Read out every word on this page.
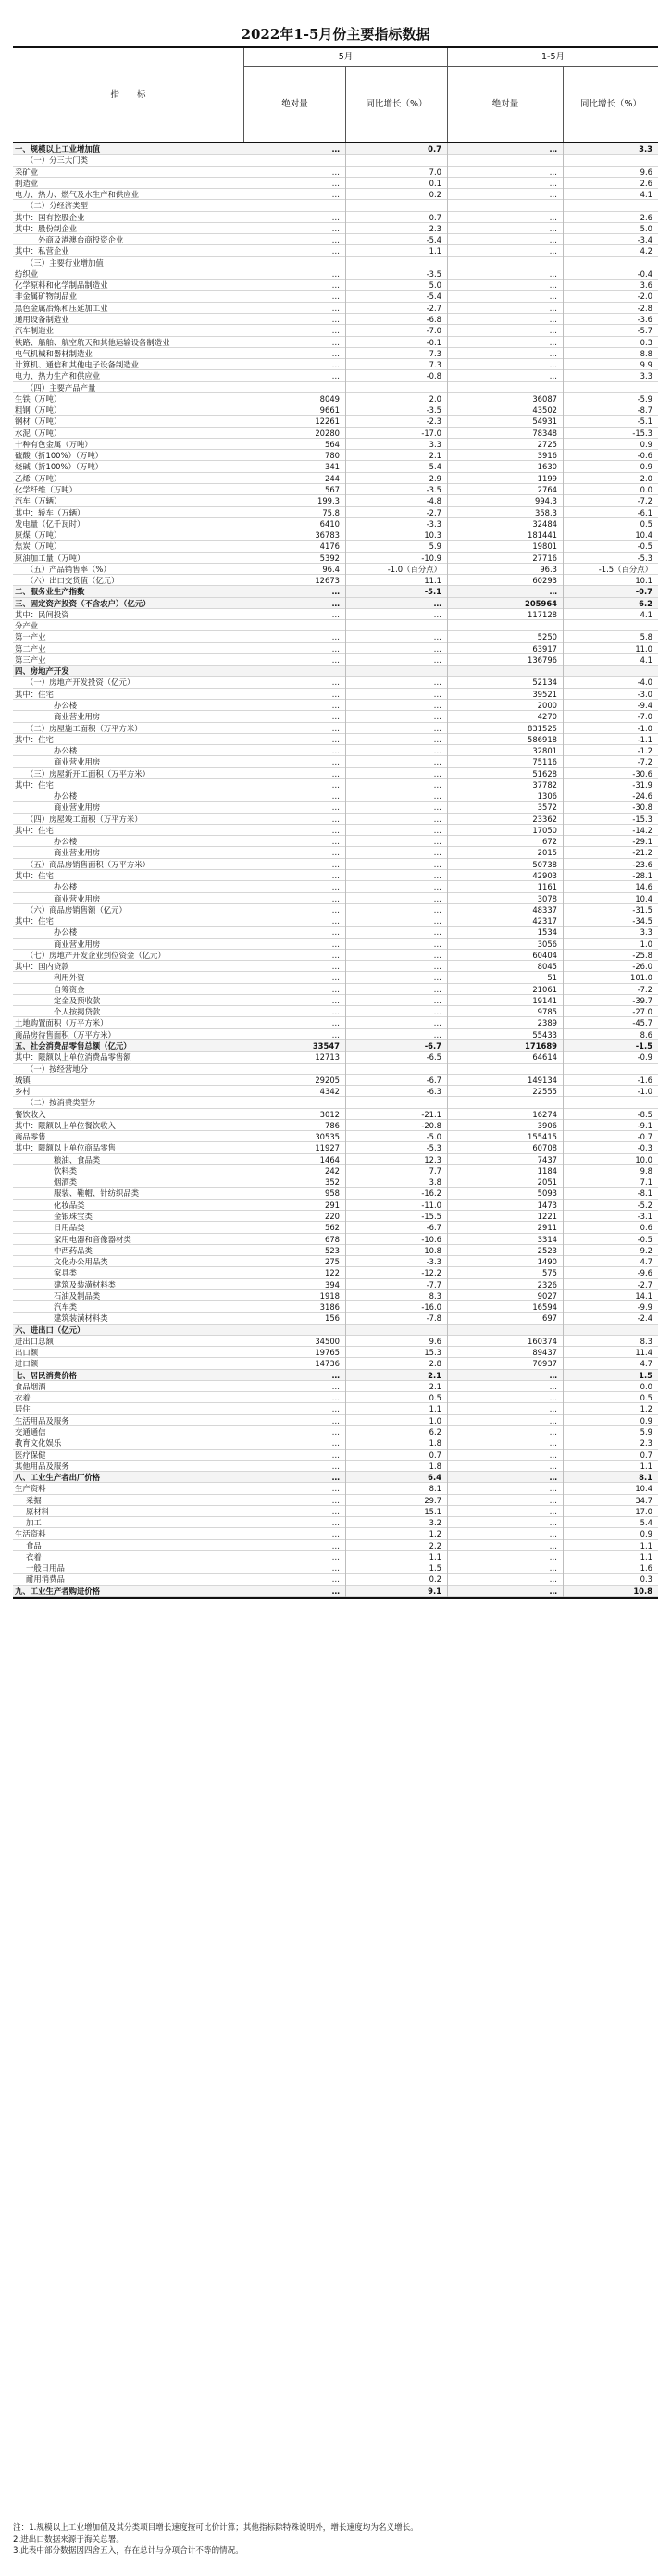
2022年1-5月份主要指标数据
指　　标
5月	1-5月
绝对量	同比增长（%）	绝对量	同比增长（%）
一、规模以上工业增加值	…	0.7	…	3.3
（一）分三大门类
采矿业	…	7.0	…	9.6
制造业	…	0.1	…	2.6
电力、热力、燃气及水生产和供应业	…	0.2	…	4.1
（二）分经济类型
其中：国有控股企业	…	0.7	…	2.6
其中：股份制企业	…	2.3	…	5.0
　　　外商及港澳台商投资企业	…	-5.4	…	-3.4
其中：私营企业	…	1.1	…	4.2
（三）主要行业增加值
纺织业	…	-3.5	…	-0.4
化学原料和化学制品制造业	…	5.0	…	3.6
非金属矿物制品业	…	-5.4	…	-2.0
黑色金属冶炼和压延加工业	…	-2.7	…	-2.8
通用设备制造业	…	-6.8	…	-3.6
汽车制造业	…	-7.0	…	-5.7
铁路、船舶、航空航天和其他运输设备制造业	…	-0.1	…	0.3
电气机械和器材制造业	…	7.3	…	8.8
计算机、通信和其他电子设备制造业	…	7.3	…	9.9
电力、热力生产和供应业	…	-0.8	…	3.3
（四）主要产品产量
生铁（万吨）	8049	2.0	36087	-5.9
粗钢（万吨）	9661	-3.5	43502	-8.7
钢材（万吨）	12261	-2.3	54931	-5.1
水泥（万吨）	20280	-17.0	78348	-15.3
十种有色金属（万吨）	564	3.3	2725	0.9
硫酸（折100%）（万吨）	780	2.1	3916	-0.6
烧碱（折100%）（万吨）	341	5.4	1630	0.9
乙烯（万吨）	244	2.9	1199	2.0
化学纤维（万吨）	567	-3.5	2764	0.0
汽车（万辆）	199.3	-4.8	994.3	-7.2
其中：轿车（万辆）	75.8	-2.7	358.3	-6.1
发电量（亿千瓦时）	6410	-3.3	32484	0.5
原煤（万吨）	36783	10.3	181441	10.4
焦炭（万吨）	4176	5.9	19801	-0.5
原油加工量（万吨）	5392	-10.9	27716	-5.3
（五）产品销售率（%）	96.4	-1.0（百分点）	96.3	-1.5（百分点）
（六）出口交货值（亿元）	12673	11.1	60293	10.1
二、服务业生产指数	…	-5.1	…	-0.7
三、固定资产投资（不含农户）（亿元）	…	…	205964	6.2
其中：民间投资	…	…	117128	4.1
分产业
第一产业	…	…	5250	5.8
第二产业	…	…	63917	11.0
第三产业	…	…	136796	4.1
四、房地产开发
（一）房地产开发投资（亿元）	…	…	52134	-4.0
其中：住宅	…	…	39521	-3.0
办公楼	…	…	2000	-9.4
商业营业用房	…	…	4270	-7.0
（二）房屋施工面积（万平方米）	…	…	831525	-1.0
其中：住宅	…	…	586918	-1.1
办公楼	…	…	32801	-1.2
商业营业用房	…	…	75116	-7.2
（三）房屋新开工面积（万平方米）	…	…	51628	-30.6
其中：住宅	…	…	37782	-31.9
办公楼	…	…	1306	-24.6
商业营业用房	…	…	3572	-30.8
（四）房屋竣工面积（万平方米）	…	…	23362	-15.3
其中：住宅	…	…	17050	-14.2
办公楼	…	…	672	-29.1
商业营业用房	…	…	2015	-21.2
（五）商品房销售面积（万平方米）	…	…	50738	-23.6
其中：住宅	…	…	42903	-28.1
办公楼	…	…	1161	14.6
商业营业用房	…	…	3078	10.4
（六）商品房销售额（亿元）	…	…	48337	-31.5
其中：住宅	…	…	42317	-34.5
办公楼	…	…	1534	3.3
商业营业用房	…	…	3056	1.0
（七）房地产开发企业到位资金（亿元）	…	…	60404	-25.8
其中：国内贷款	…	…	8045	-26.0
利用外资	…	…	51	101.0
自筹资金	…	…	21061	-7.2
定金及预收款	…	…	19141	-39.7
个人按揭贷款	…	…	9785	-27.0
土地购置面积（万平方米）	…	…	2389	-45.7
商品房待售面积（万平方米）	…	…	55433	8.6
五、社会消费品零售总额（亿元）	33547	-6.7	171689	-1.5
其中：限额以上单位消费品零售额	12713	-6.5	64614	-0.9
（一）按经营地分
城镇	29205	-6.7	149134	-1.6
乡村	4342	-6.3	22555	-1.0
（二）按消费类型分
餐饮收入	3012	-21.1	16274	-8.5
其中：限额以上单位餐饮收入	786	-20.8	3906	-9.1
商品零售	30535	-5.0	155415	-0.7
其中：限额以上单位商品零售	11927	-5.3	60708	-0.3
粮油、食品类	1464	12.3	7437	10.0
饮料类	242	7.7	1184	9.8
烟酒类	352	3.8	2051	7.1
服装、鞋帽、针纺织品类	958	-16.2	5093	-8.1
化妆品类	291	-11.0	1473	-5.2
金银珠宝类	220	-15.5	1221	-3.1
日用品类	562	-6.7	2911	0.6
家用电器和音像器材类	678	-10.6	3314	-0.5
中西药品类	523	10.8	2523	9.2
文化办公用品类	275	-3.3	1490	4.7
家具类	122	-12.2	575	-9.6
建筑及装潢材料类	394	-7.7	2326	-2.7
石油及制品类	1918	8.3	9027	14.1
汽车类	3186	-16.0	16594	-9.9
建筑装潢材料类	156	-7.8	697	-2.4
六、进出口（亿元）
进出口总额	34500	9.6	160374	8.3
出口额	19765	15.3	89437	11.4
进口额	14736	2.8	70937	4.7
七、居民消费价格	…	2.1	…	1.5
食品烟酒	…	2.1	…	0.0
衣着	…	0.5	…	0.5
居住	…	1.1	…	1.2
生活用品及服务	…	1.0	…	0.9
交通通信	…	6.2	…	5.9
教育文化娱乐	…	1.8	…	2.3
医疗保健	…	0.7	…	0.7
其他用品及服务	…	1.8	…	1.1
八、工业生产者出厂价格	…	6.4	…	8.1
生产资料	…	8.1	…	10.4
采掘	…	29.7	…	34.7
原材料	…	15.1	…	17.0
加工	…	3.2	…	5.4
生活资料	…	1.2	…	0.9
食品	…	2.2	…	1.1
衣着	…	1.1	…	1.1
一般日用品	…	1.5	…	1.6
耐用消费品	…	0.2	…	0.3
九、工业生产者购进价格	…	9.1	…	10.8
注：1.规模以上工业增加值及其分类项目增长速度按可比价计算；其他指标除特殊说明外，增长速度均为名义增长。
2.进出口数据来源于海关总署。
3.此表中部分数据因四舍五入，存在总计与分项合计不等的情况。
